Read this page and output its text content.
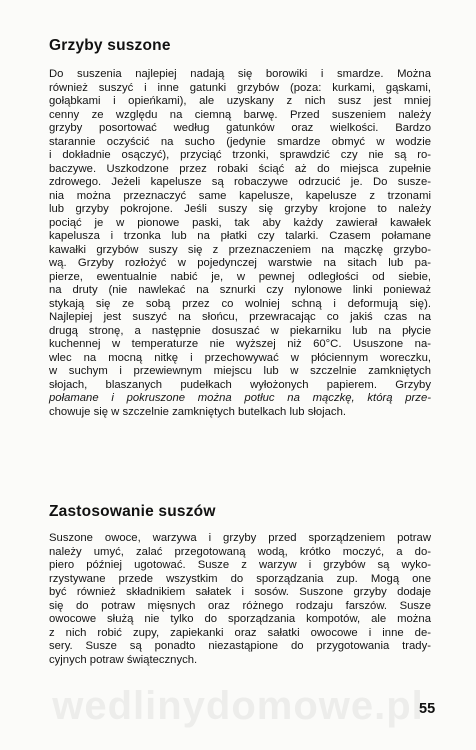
wedlinydomowe.pl
Grzyby suszone
Do suszenia najlepiej nadają się borowiki i smardze. Można
również suszyć i inne gatunki grzybów (poza: kurkami, gąskami,
gołąbkami i opieńkami), ale uzyskany z nich susz jest mniej
cenny ze względu na ciemną barwę. Przed suszeniem należy
grzyby posortować według gatunków oraz wielkości. Bardzo
starannie oczyścić na sucho (jedynie smardze obmyć w wodzie
i dokładnie osączyć), przyciąć trzonki, sprawdzić czy nie są ro-
baczywe. Uszkodzone przez robaki ściąć aż do miejsca zupełnie
zdrowego. Jeżeli kapelusze są robaczywe odrzucić je. Do susze-
nia można przeznaczyć same kapelusze, kapelusze z trzonami
lub grzyby pokrojone. Jeśli suszy się grzyby krojone to należy
pociąć je w pionowe paski, tak aby każdy zawierał kawałek
kapelusza i trzonka lub na płatki czy talarki. Czasem połamane
kawałki grzybów suszy się z przeznaczeniem na mączkę grzybo-
wą. Grzyby rozłożyć w pojedynczej warstwie na sitach lub pa-
pierze, ewentualnie nabić je, w pewnej odległości od siebie,
na druty (nie nawlekać na sznurki czy nylonowe linki ponieważ
stykają się ze sobą przez co wolniej schną i deformują się).
Najlepiej jest suszyć na słońcu, przewracając co jakiś czas na
drugą stronę, a następnie dosuszać w piekarniku lub na płycie
kuchennej w temperaturze nie wyższej niż 60°C. Ususzone na-
wlec na mocną nitkę i przechowywać w płóciennym woreczku,
w suchym i przewiewnym miejscu lub w szczelnie zamkniętych
słojach, blaszanych pudełkach wyłożonych papierem. Grzyby
połamane i pokruszone można potłuc na mączkę, którą prze-
chowuje się w szczelnie zamkniętych butelkach lub słojach.
Zastosowanie suszów
Suszone owoce, warzywa i grzyby przed sporządzeniem potraw
należy umyć, zalać przegotowaną wodą, krótko moczyć, a do-
piero później ugotować. Susze z warzyw i grzybów są wyko-
rzystywane przede wszystkim do sporządzania zup. Mogą one
być również składnikiem sałatek i sosów. Suszone grzyby dodaje
się do potraw mięsnych oraz różnego rodzaju farszów. Susze
owocowe służą nie tylko do sporządzania kompotów, ale można
z nich robić zupy, zapiekanki oraz sałatki owocowe i inne de-
sery. Susze są ponadto niezastąpione do przygotowania trady-
cyjnych potraw świątecznych.
55
